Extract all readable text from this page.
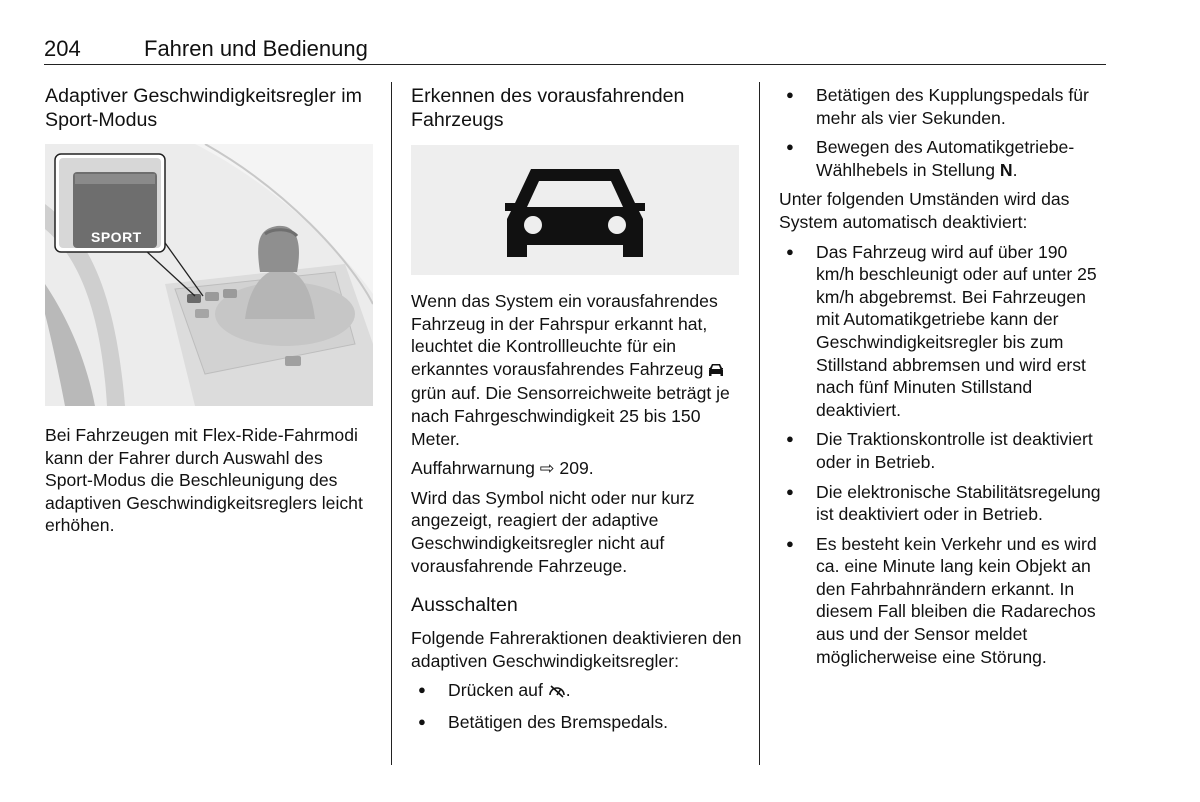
204	Fahren und Bedienung
Adaptiver Geschwindigkeitsregler im Sport-Modus
SPORT

Bei Fahrzeugen mit Flex-Ride-Fahrmodi kann der Fahrer durch Auswahl des Sport-Modus die Beschleunigung des adaptiven Geschwindigkeitsreglers leicht erhöhen.

Erkennen des vorausfahrenden Fahrzeugs

Wenn das System ein vorausfahrendes Fahrzeug in der Fahrspur erkannt hat, leuchtet die Kontrollleuchte für ein erkanntes vorausfahrendes Fahrzeug  grün auf. Die Sensorreichweite beträgt je nach Fahrgeschwindigkeit 25 bis 150 Meter.

Auffahrwarnung ⇨ 209.

Wird das Symbol nicht oder nur kurz angezeigt, reagiert der adaptive Geschwindigkeitsregler nicht auf vorausfahrende Fahrzeuge.

Ausschalten

Folgende Fahreraktionen deaktivieren den adaptiven Geschwindigkeitsregler:

● Drücken auf .
● Betätigen des Bremspedals.
● Betätigen des Kupplungspedals für mehr als vier Sekunden.
● Bewegen des Automatikgetriebe-Wählhebels in Stellung N.

Unter folgenden Umständen wird das System automatisch deaktiviert:

● Das Fahrzeug wird auf über 190 km/h beschleunigt oder auf unter 25 km/h abgebremst. Bei Fahrzeugen mit Automatikgetriebe kann der Geschwindigkeitsregler bis zum Stillstand abbremsen und wird erst nach fünf Minuten Stillstand deaktiviert.
● Die Traktionskontrolle ist deaktiviert oder in Betrieb.
● Die elektronische Stabilitätsregelung ist deaktiviert oder in Betrieb.
● Es besteht kein Verkehr und es wird ca. eine Minute lang kein Objekt an den Fahrbahnrändern erkannt. In diesem Fall bleiben die Radarechos aus und der Sensor meldet möglicherweise eine Störung.
